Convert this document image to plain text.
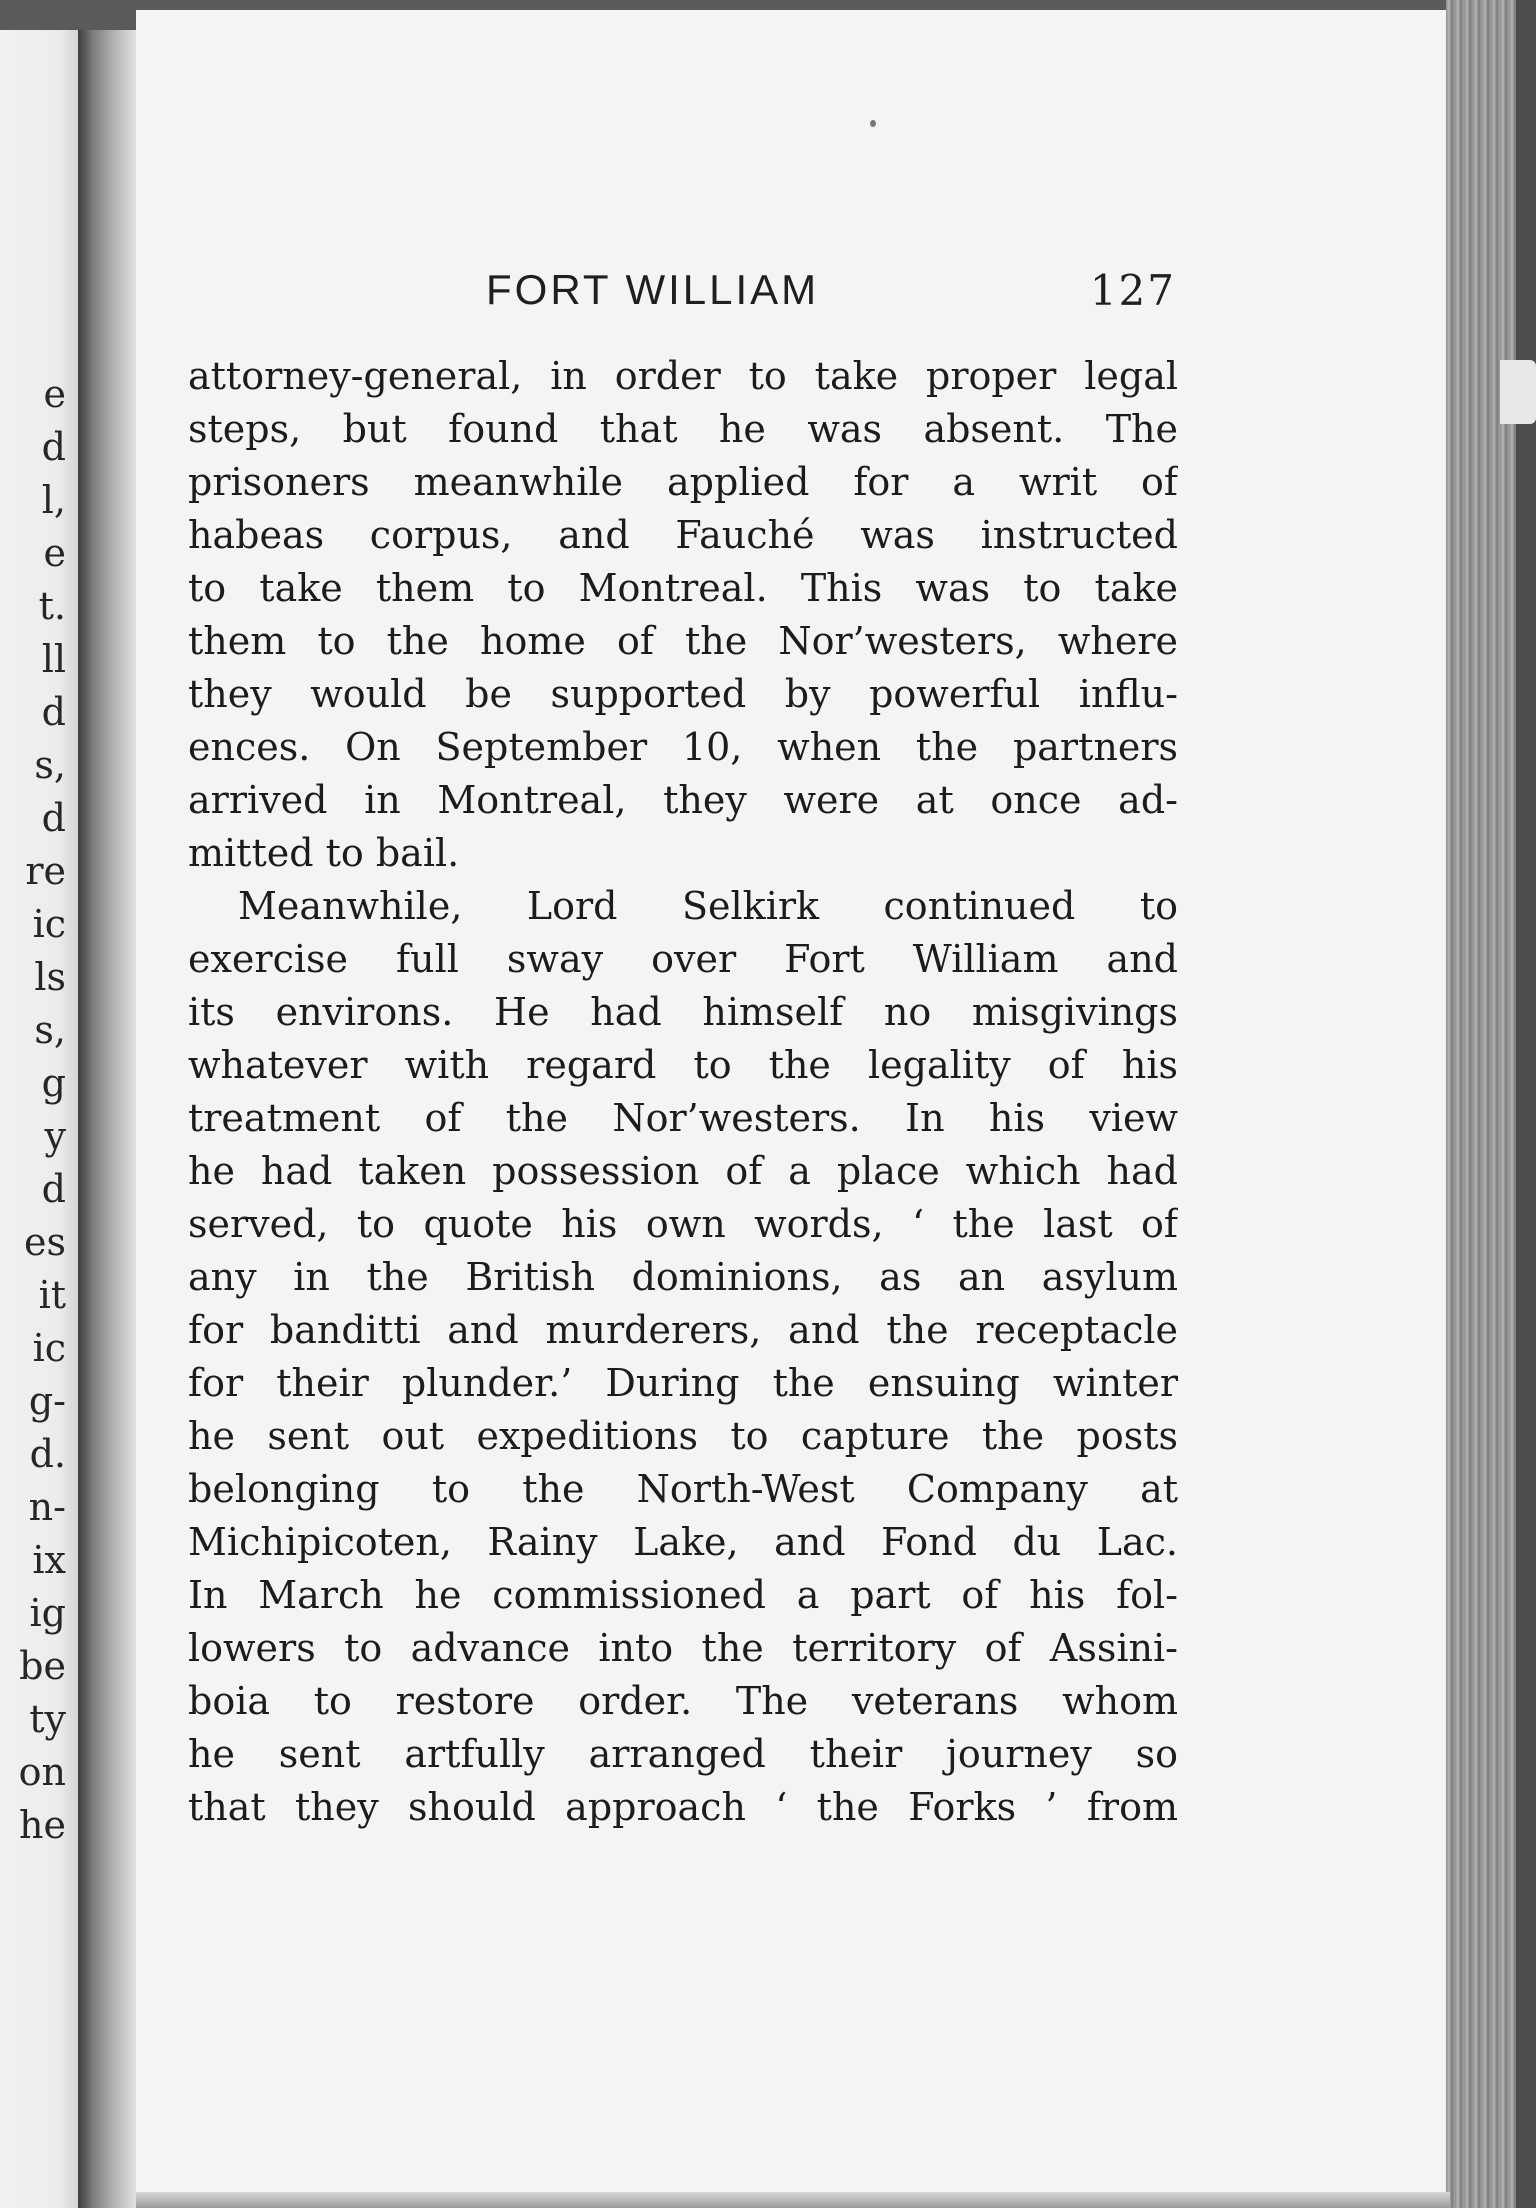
e
d
l,
e
t.
ll
d
s,
d
re
ic
ls
s,
g
y
d
es
it
ic
g-
d.
n-
ix
ig
be
ty
on
he
FORT WILLIAM	127
attorney-general, in order to take proper legal
steps, but found that he was absent. The
prisoners meanwhile applied for a writ of
habeas corpus, and Fauché was instructed
to take them to Montreal. This was to take
them to the home of the Nor’westers, where
they would be supported by powerful influ-
ences. On September 10, when the partners
arrived in Montreal, they were at once ad-
mitted to bail.
Meanwhile, Lord Selkirk continued to
exercise full sway over Fort William and
its environs. He had himself no misgivings
whatever with regard to the legality of his
treatment of the Nor’westers. In his view
he had taken possession of a place which had
served, to quote his own words, ‘ the last of
any in the British dominions, as an asylum
for banditti and murderers, and the receptacle
for their plunder.’ During the ensuing winter
he sent out expeditions to capture the posts
belonging to the North-West Company at
Michipicoten, Rainy Lake, and Fond du Lac.
In March he commissioned a part of his fol-
lowers to advance into the territory of Assini-
boia to restore order. The veterans whom
he sent artfully arranged their journey so
that they should approach ‘ the Forks ’ from
